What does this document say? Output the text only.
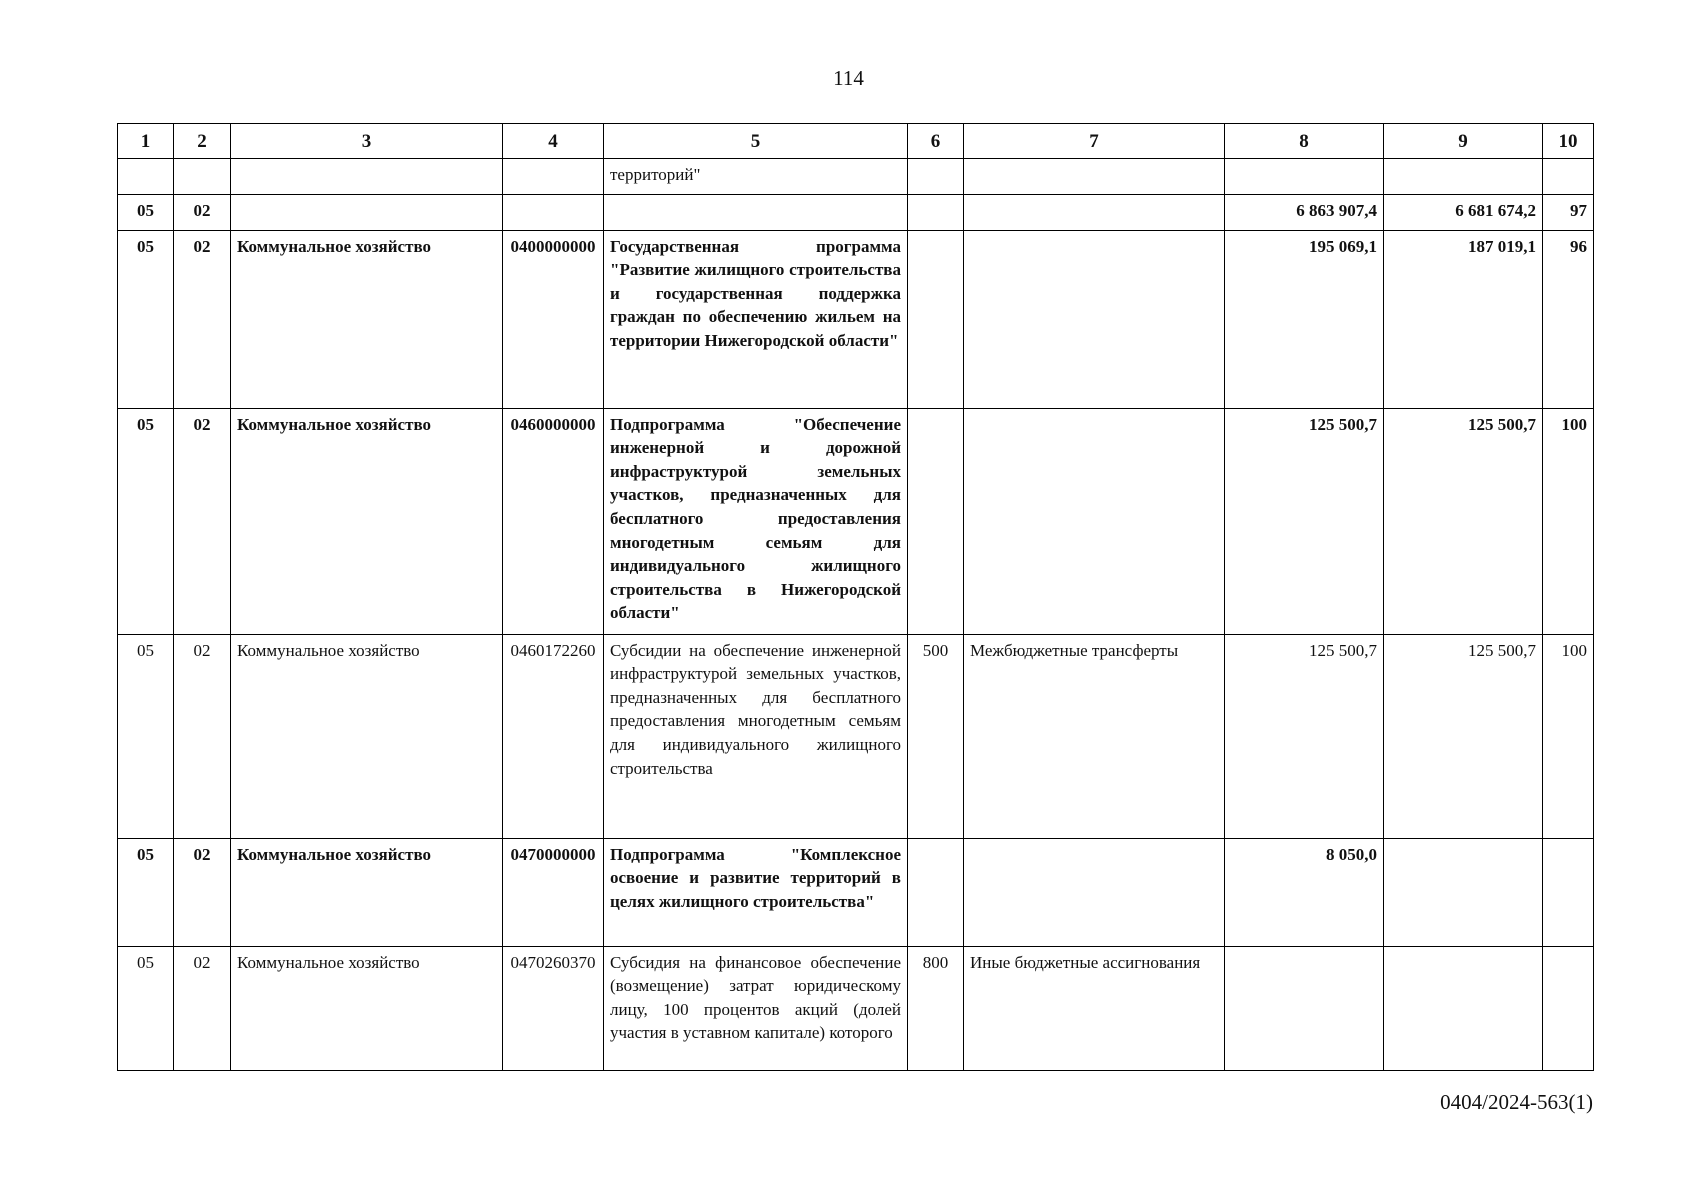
114
1	2	3	4	5	6	7	8	9	10
				территорий"					
05	02						6 863 907,4	6 681 674,2	97
05	02	Коммунальное хозяйство	0400000000	Государственная программа "Развитие жилищного строительства и государственная поддержка граждан по обеспечению жильем на территории Нижегородской области"			195 069,1	187 019,1	96
05	02	Коммунальное хозяйство	0460000000	Подпрограмма "Обеспечение инженерной и дорожной инфраструктурой земельных участков, предназначенных для бесплатного предоставления многодетным семьям для индивидуального жилищного строительства в Нижегородской области"			125 500,7	125 500,7	100
05	02	Коммунальное хозяйство	0460172260	Субсидии на обеспечение инженерной инфраструктурой земельных участков, предназначенных для бесплатного предоставления многодетным семьям для индивидуального жилищного строительства	500	Межбюджетные трансферты	125 500,7	125 500,7	100
05	02	Коммунальное хозяйство	0470000000	Подпрограмма "Комплексное освоение и развитие территорий в целях жилищного строительства"			8 050,0		
05	02	Коммунальное хозяйство	0470260370	Субсидия на финансовое обеспечение (возмещение) затрат юридическому лицу, 100 процентов акций (долей участия в уставном капитале) которого	800	Иные бюджетные ассигнования			
0404/2024-563(1)
